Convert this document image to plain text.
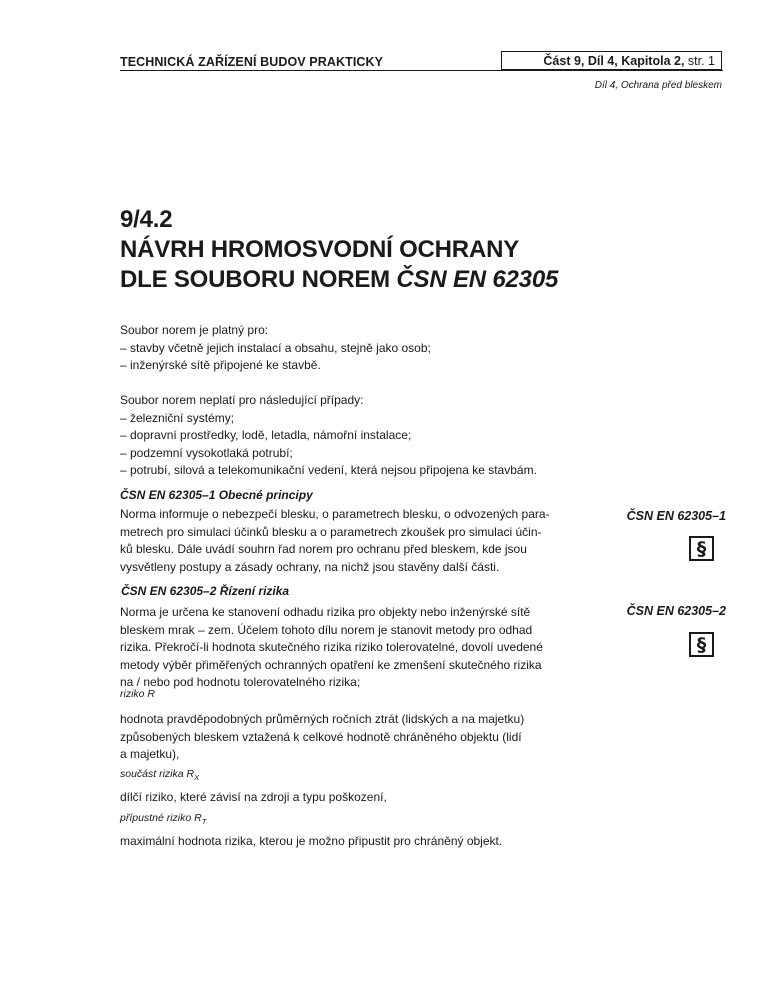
TECHNICKÁ ZAŘÍZENÍ BUDOV PRAKTICKY	Část 9, Díl 4, Kapitola 2, str. 1
Díl 4, Ochrana před bleskem
9/4.2
NÁVRH HROMOSVODNÍ OCHRANY
DLE SOUBORU NOREM ČSN EN 62305
Soubor norem je platný pro:
– stavby včetně jejich instalací a obsahu, stejně jako osob;
– inženýrské sítě připojené ke stavbě.
Soubor norem neplatí pro následující případy:
– železniční systémy;
– dopravní prostředky, lodě, letadla, námořní instalace;
– podzemní vysokotlaká potrubí;
– potrubí, silová a telekomunikační vedení, která nejsou připojena ke stavbám.
ČSN EN 62305–1 Obecné principy
Norma informuje o nebezpečí blesku, o parametrech blesku, o odvozených para-
metrech pro simulaci účinků blesku a o parametrech zkoušek pro simulaci účin-
ků blesku. Dále uvádí souhrn řad norem pro ochranu před bleskem, kde jsou
vysvětleny postupy a zásady ochrany, na nichž jsou stavěny další části.
ČSN EN 62305–1
§
ČSN EN 62305–2 Řízení rizika
Norma je určena ke stanovení odhadu rizika pro objekty nebo inženýrské sítě
bleskem mrak – zem. Účelem tohoto dílu norem je stanovit metody pro odhad
rizika. Překročí-li hodnota skutečného rizika riziko tolerovatelné, dovolí uvedené
metody výběr přiměřených ochranných opatření ke zmenšení skutečného rizika
na / nebo pod hodnotu tolerovatelného rizika;
ČSN EN 62305–2
§
riziko R
hodnota pravděpodobných průměrných ročních ztrát (lidských a na majetku)
způsobených bleskem vztažená k celkové hodnotě chráněného objektu (lidí
a majetku),
součást rizika $R_X$
dílčí riziko, které závisí na zdroji a typu poškození,
přípustné riziko $R_T$
maximální hodnota rizika, kterou je možno připustit pro chráněný objekt.
